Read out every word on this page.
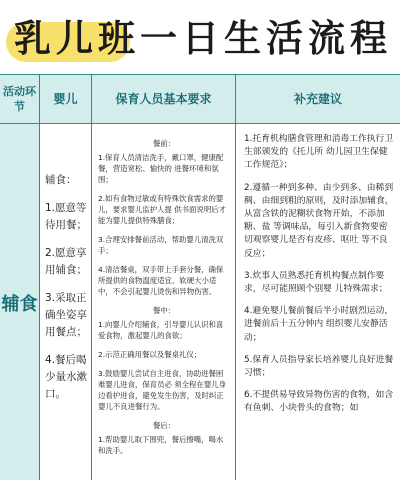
乳儿班一日生活流程
活动环节
婴儿	保育人员基本要求	补充建议
辅食

辅食：

1.愿意等待用餐；

2.愿意享用辅食；

3.采取正确坐姿享用餐点；

4.餐后喝少量水漱口。

餐前：

1.保育人员清洁洗手，戴口罩，健康配餐，营造宽松、愉快的 进餐环境和氛围；

2.如有食物过敏或有特殊饮食需求的婴儿，要求婴儿监护人提 供书面说明后才能为婴儿提供特殊膳食；

3.合理安排餐前活动，帮助婴儿清洗双手；

4.清洁餐桌，双手带上手套分餐，确保所提供的食物温度适宜、软硬大小适中，不会引起婴儿烫伤和异物伤害。

餐中：

1.向婴儿介绍辅食，引导婴儿认识和喜爱食物，激起婴儿的食欲；

2.示范正确用餐以及餐桌礼仪；

3.鼓励婴儿尝试自主进食，协助进餐困难婴儿进食，保育员必 须全程在婴儿身边看护进食，避免发生伤害，及时纠正婴儿不良进餐行为。

餐后：

1.帮助婴儿取下围兜，餐后擦嘴，喝水和洗手。

1.托育机构膳食管理和消毒工作执行卫生部颁发的《托儿所 幼儿园卫生保健工作规范》；

2.遵循一种到多种、由少到多、由稀到稠、由细到粗的原则，及时添加辅食，从富含铁的泥糊状食物开始，不添加糖、盐 等调味品，每引入新食物要密切观察婴儿是否有皮疹、呕吐 等不良反应；

3.炊事人员熟悉托育机构餐点制作要求，尽可能照顾个别婴 儿特殊需求；

4.避免婴儿餐前餐后半小时剧烈运动，进餐前后十五分钟内 组织婴儿安静活动；

5.保育人员指导家长培养婴儿良好进餐习惯；

6.不提供易导致异物伤害的食物，如含有鱼刺、小块骨头的食物；如
